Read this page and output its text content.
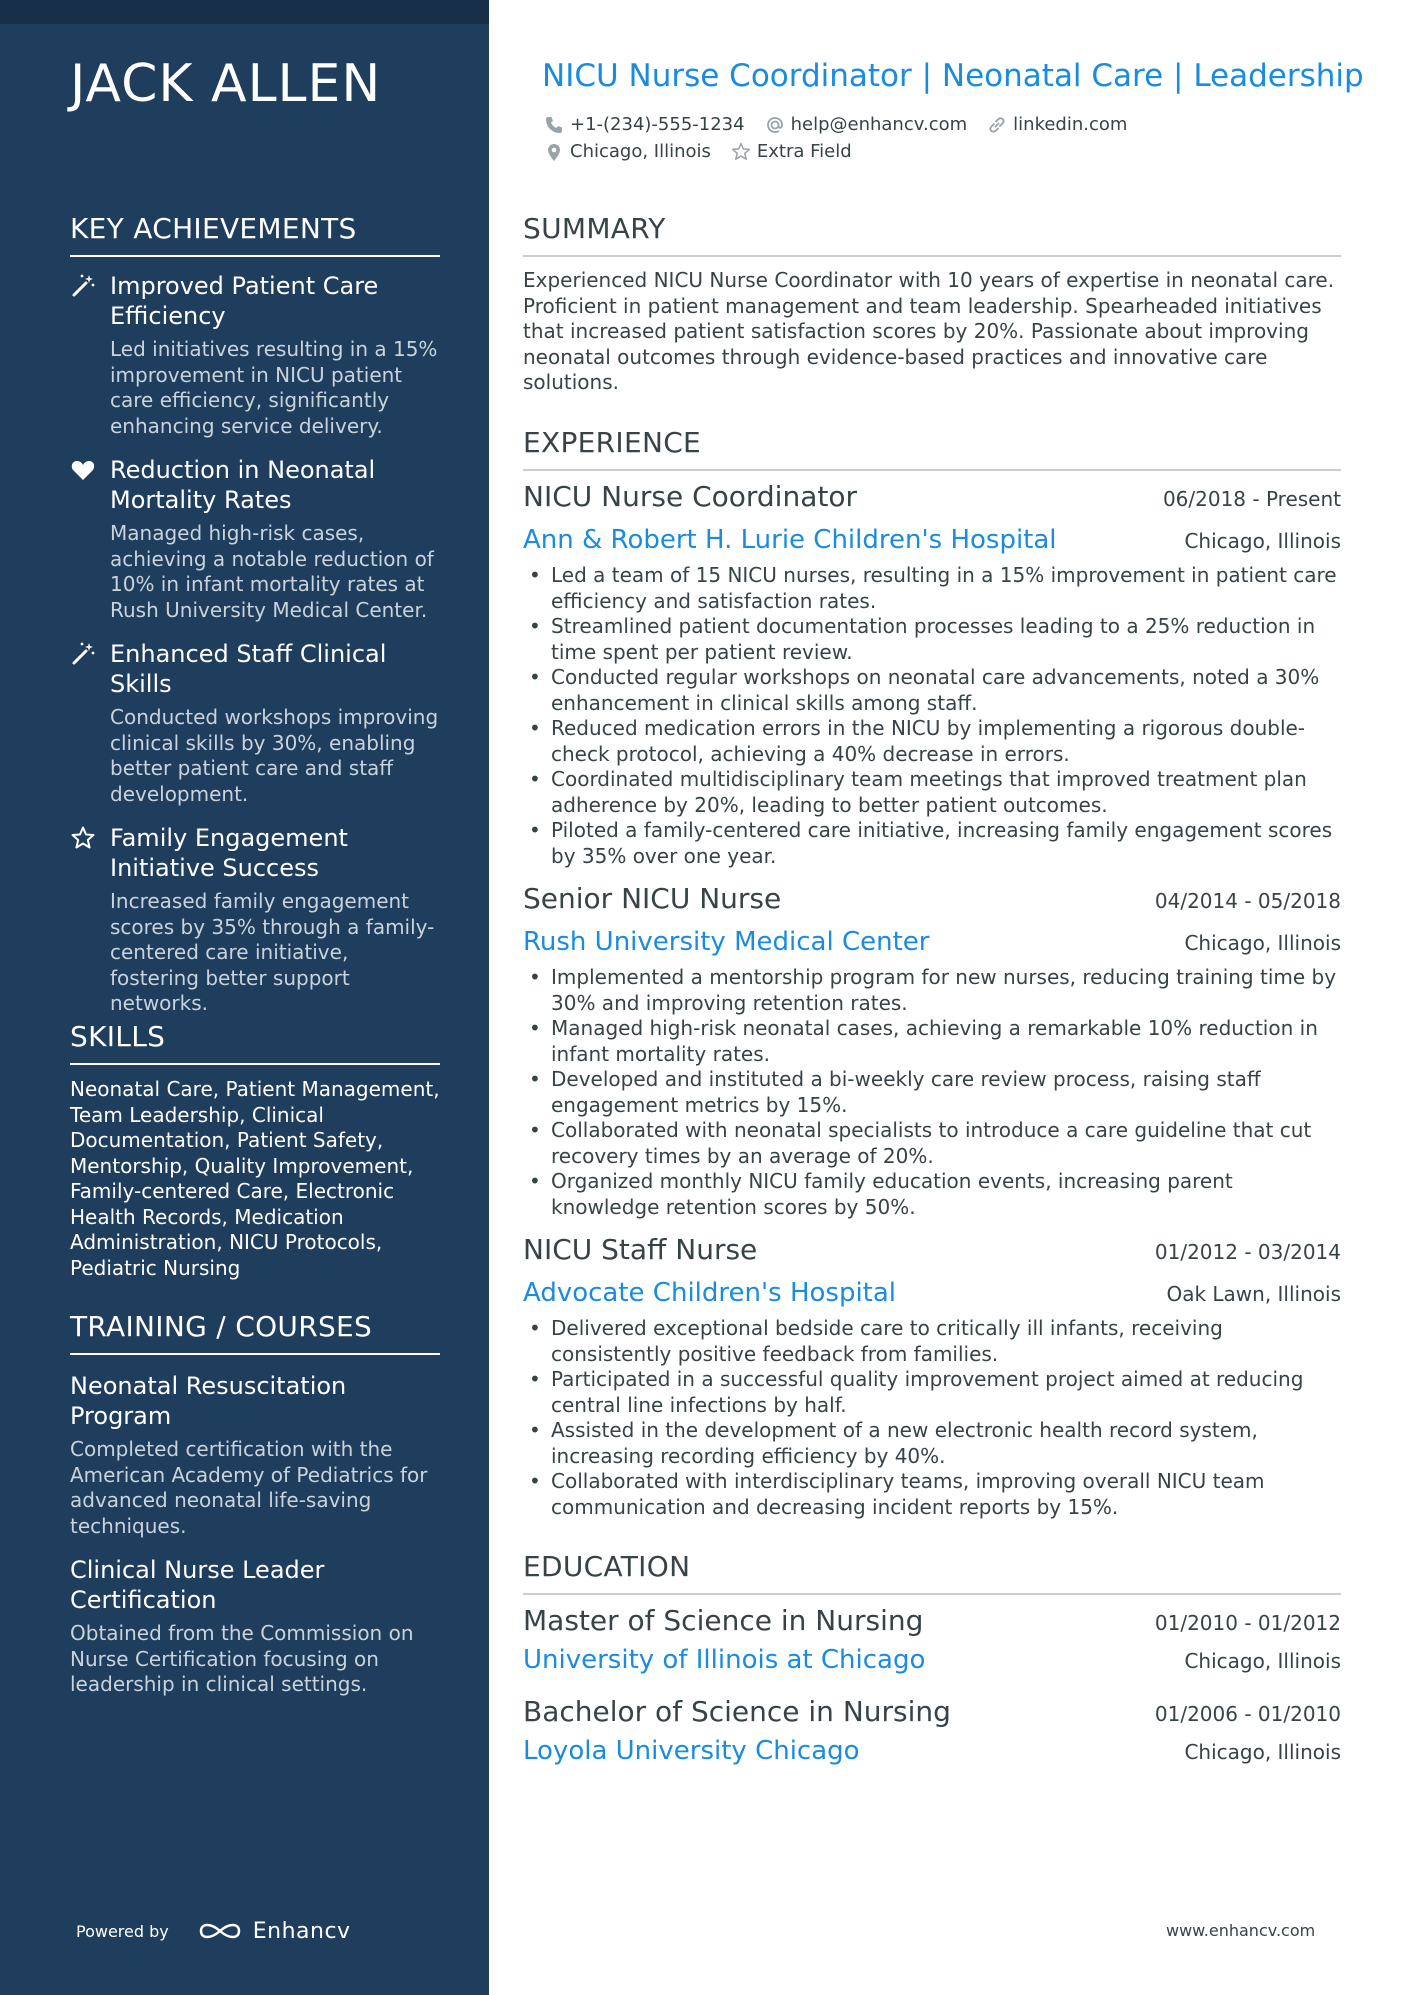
JACK ALLEN
KEY ACHIEVEMENTS
Improved Patient Care Efficiency
Led initiatives resulting in a 15% improvement in NICU patient care efficiency, significantly enhancing service delivery.
Reduction in Neonatal Mortality Rates
Managed high-risk cases, achieving a notable reduction of 10% in infant mortality rates at Rush University Medical Center.
Enhanced Staff Clinical Skills
Conducted workshops improving clinical skills by 30%, enabling better patient care and staff development.
Family Engagement Initiative Success
Increased family engagement scores by 35% through a family-centered care initiative, fostering better support networks.
SKILLS
Neonatal Care, Patient Management, Team Leadership, Clinical Documentation, Patient Safety, Mentorship, Quality Improvement, Family-centered Care, Electronic Health Records, Medication Administration, NICU Protocols, Pediatric Nursing
TRAINING / COURSES
Neonatal Resuscitation Program
Completed certification with the American Academy of Pediatrics for advanced neonatal life-saving techniques.
Clinical Nurse Leader Certification
Obtained from the Commission on Nurse Certification focusing on leadership in clinical settings.
Powered by	Enhancv
NICU Nurse Coordinator | Neonatal Care | Leadership
+1-(234)-555-1234	help@enhancv.com	linkedin.com
Chicago, Illinois	Extra Field
SUMMARY
Experienced NICU Nurse Coordinator with 10 years of expertise in neonatal care. Proficient in patient management and team leadership. Spearheaded initiatives that increased patient satisfaction scores by 20%. Passionate about improving neonatal outcomes through evidence-based practices and innovative care solutions.
EXPERIENCE
NICU Nurse Coordinator	06/2018 - Present
Ann & Robert H. Lurie Children's Hospital	Chicago, Illinois
• Led a team of 15 NICU nurses, resulting in a 15% improvement in patient care efficiency and satisfaction rates.
• Streamlined patient documentation processes leading to a 25% reduction in time spent per patient review.
• Conducted regular workshops on neonatal care advancements, noted a 30% enhancement in clinical skills among staff.
• Reduced medication errors in the NICU by implementing a rigorous double-check protocol, achieving a 40% decrease in errors.
• Coordinated multidisciplinary team meetings that improved treatment plan adherence by 20%, leading to better patient outcomes.
• Piloted a family-centered care initiative, increasing family engagement scores by 35% over one year.
Senior NICU Nurse	04/2014 - 05/2018
Rush University Medical Center	Chicago, Illinois
• Implemented a mentorship program for new nurses, reducing training time by 30% and improving retention rates.
• Managed high-risk neonatal cases, achieving a remarkable 10% reduction in infant mortality rates.
• Developed and instituted a bi-weekly care review process, raising staff engagement metrics by 15%.
• Collaborated with neonatal specialists to introduce a care guideline that cut recovery times by an average of 20%.
• Organized monthly NICU family education events, increasing parent knowledge retention scores by 50%.
NICU Staff Nurse	01/2012 - 03/2014
Advocate Children's Hospital	Oak Lawn, Illinois
• Delivered exceptional bedside care to critically ill infants, receiving consistently positive feedback from families.
• Participated in a successful quality improvement project aimed at reducing central line infections by half.
• Assisted in the development of a new electronic health record system, increasing recording efficiency by 40%.
• Collaborated with interdisciplinary teams, improving overall NICU team communication and decreasing incident reports by 15%.
EDUCATION
Master of Science in Nursing	01/2010 - 01/2012
University of Illinois at Chicago	Chicago, Illinois
Bachelor of Science in Nursing	01/2006 - 01/2010
Loyola University Chicago	Chicago, Illinois
www.enhancv.com
